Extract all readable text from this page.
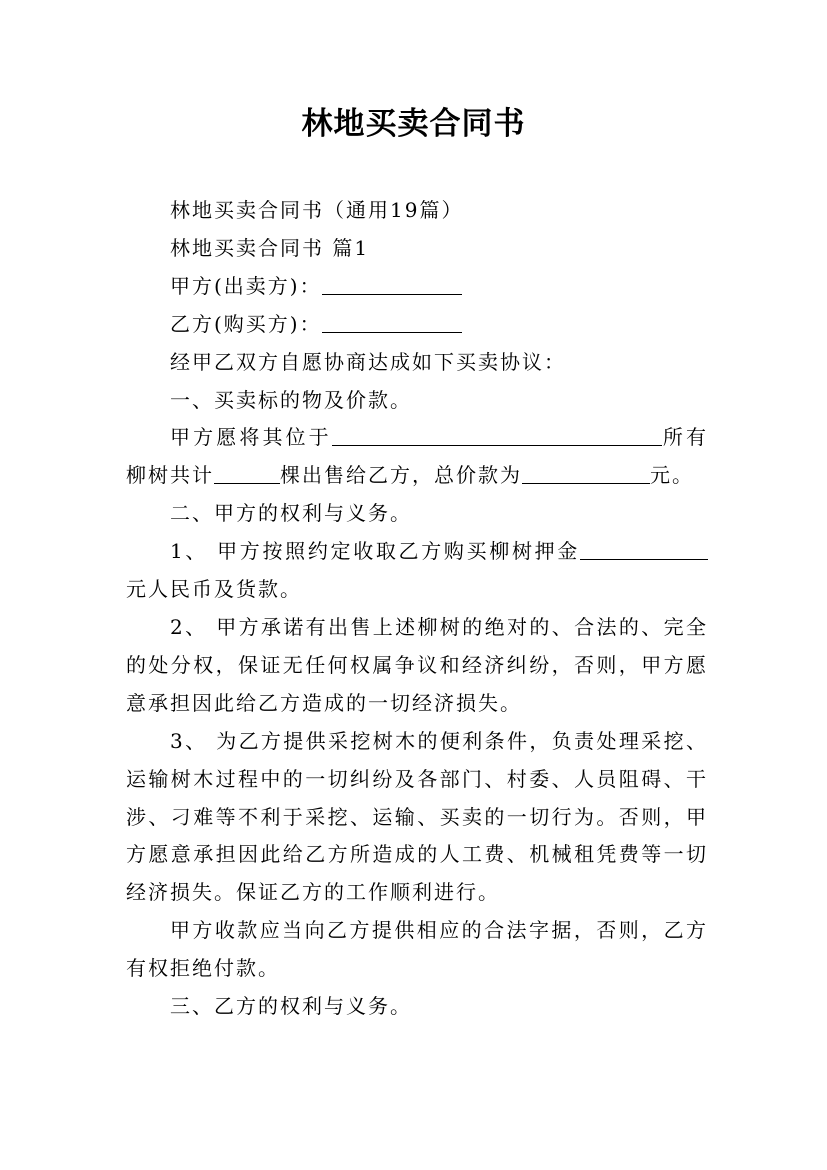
林地买卖合同书

林地买卖合同书（通用19篇）

林地买卖合同书 篇1

甲方(出卖方)：

乙方(购买方)：

经甲乙双方自愿协商达成如下买卖协议：

一、买卖标的物及价款。

甲方愿将其位于	所有柳树共计	棵出售给乙方，总价款为	元。

二、甲方的权利与义务。

1、 甲方按照约定收取乙方购买柳树押金元人民币及货款。

2、 甲方承诺有出售上述柳树的绝对的、合法的、完全的处分权，保证无任何权属争议和经济纠纷，否则，甲方愿意承担因此给乙方造成的一切经济损失。

3、 为乙方提供采挖树木的便利条件，负责处理采挖、运输树木过程中的一切纠纷及各部门、村委、人员阻碍、干涉、刁难等不利于采挖、运输、买卖的一切行为。否则，甲方愿意承担因此给乙方所造成的人工费、机械租凭费等一切经济损失。保证乙方的工作顺利进行。

甲方收款应当向乙方提供相应的合法字据，否则，乙方有权拒绝付款。

三、乙方的权利与义务。
